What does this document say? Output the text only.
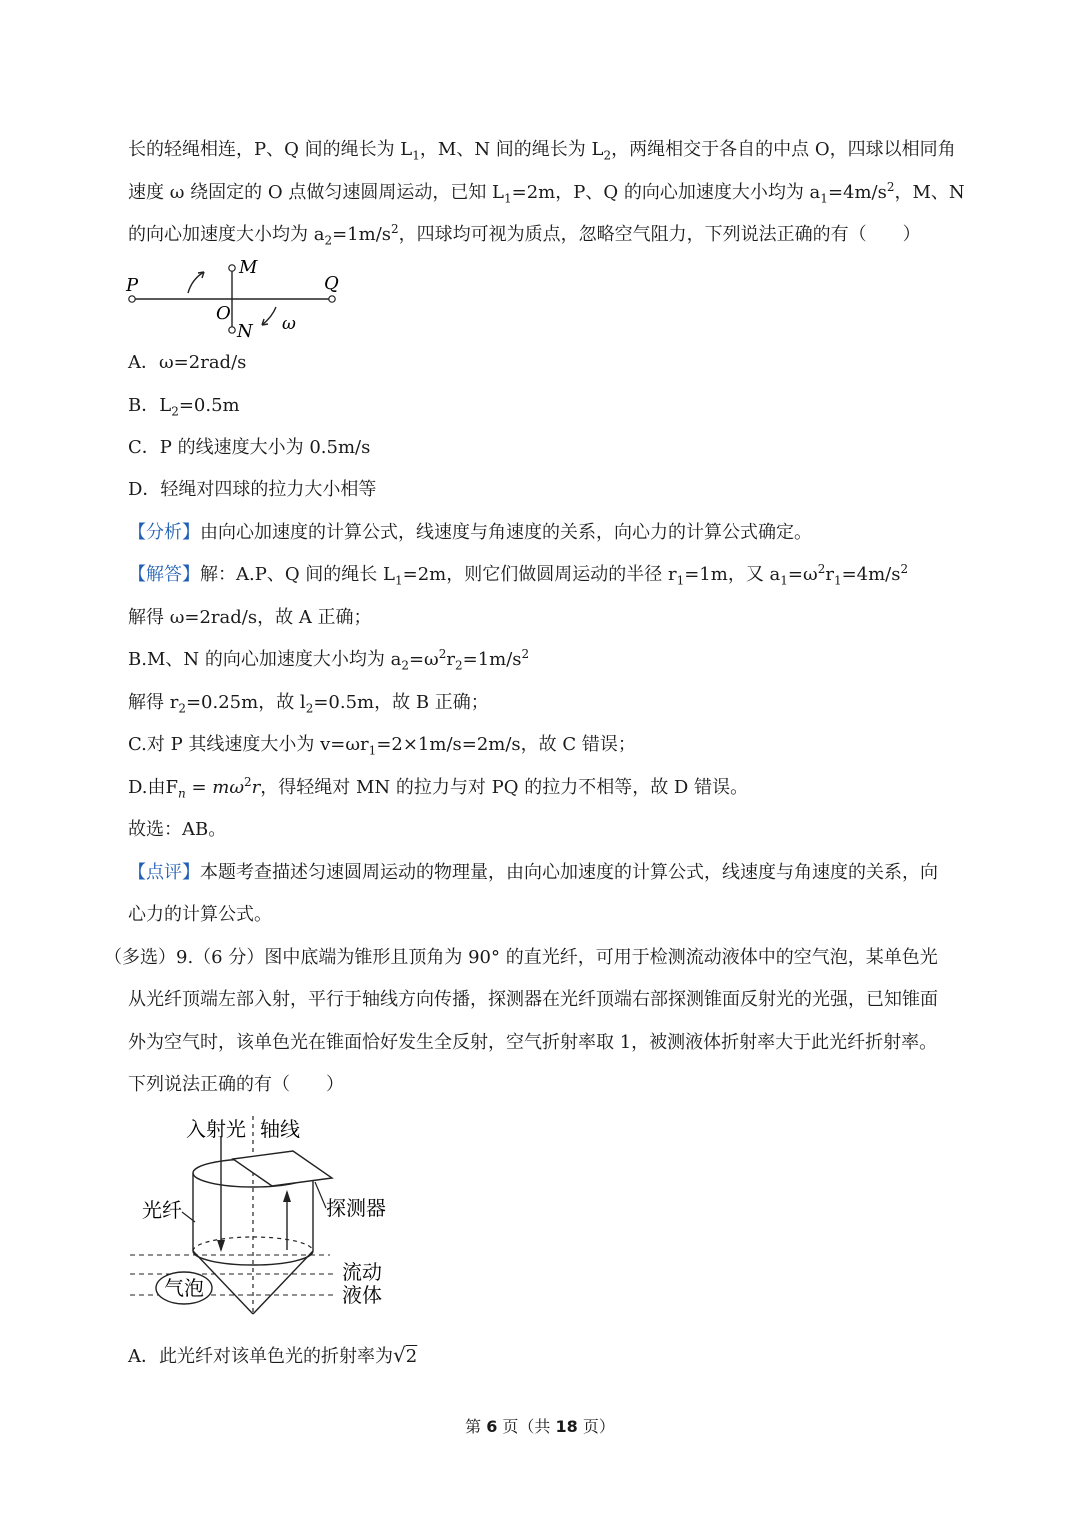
长的轻绳相连，P、Q 间的绳长为 $L_1$，M、N 间的绳长为 $L_2$，两绳相交于各自的中点 O，四球以相同角
速度 ω 绕固定的 O 点做匀速圆周运动，已知 $L_1=2m$，P、Q 的向心加速度大小均为 $a_1=4m/s^2$，M、N
的向心加速度大小均为 $a_2=1m/s^2$，四球均可视为质点，忽略空气阻力，下列说法正确的有（　　）
P	Q
M
N
O	ω
A．ω=2rad/s
B．$L_2=0.5m$
C．P 的线速度大小为 0.5m/s
D．轻绳对四球的拉力大小相等
【分析】由向心加速度的计算公式，线速度与角速度的关系，向心力的计算公式确定。
【解答】解：A.P、Q 间的绳长 $L_1=2m$，则它们做圆周运动的半径 $r_1=1m$，又 $a_1=\omega^2r_1=4m/s^2$
解得 ω=2rad/s，故 A 正确；
B.M、N 的向心加速度大小均为 $a_2=\omega^2r_2=1m/s^2$
解得 $r_2=0.25m$，故 $l_2=0.5m$，故 B 正确；
C.对 P 其线速度大小为 $v=\omega r_1=2\times 1m/s=2m/s$，故 C 错误；
D.由$F_n = m\omega^2r$，得轻绳对 MN 的拉力与对 PQ 的拉力不相等，故 D 错误。
故选：AB。
【点评】本题考查描述匀速圆周运动的物理量，由向心加速度的计算公式，线速度与角速度的关系，向
心力的计算公式。
（多选）9.（6 分）图中底端为锥形且顶角为 90° 的直光纤，可用于检测流动液体中的空气泡，某单色光
从光纤顶端左部入射，平行于轴线方向传播，探测器在光纤顶端右部探测锥面反射光的光强，已知锥面
外为空气时，该单色光在锥面恰好发生全反射，空气折射率取 1，被测液体折射率大于此光纤折射率。
下列说法正确的有（　　）
入射光 轴线
光纤	探测器
气泡
流动
液体
A．此光纤对该单色光的折射率为√2
第 6 页（共 18 页）
